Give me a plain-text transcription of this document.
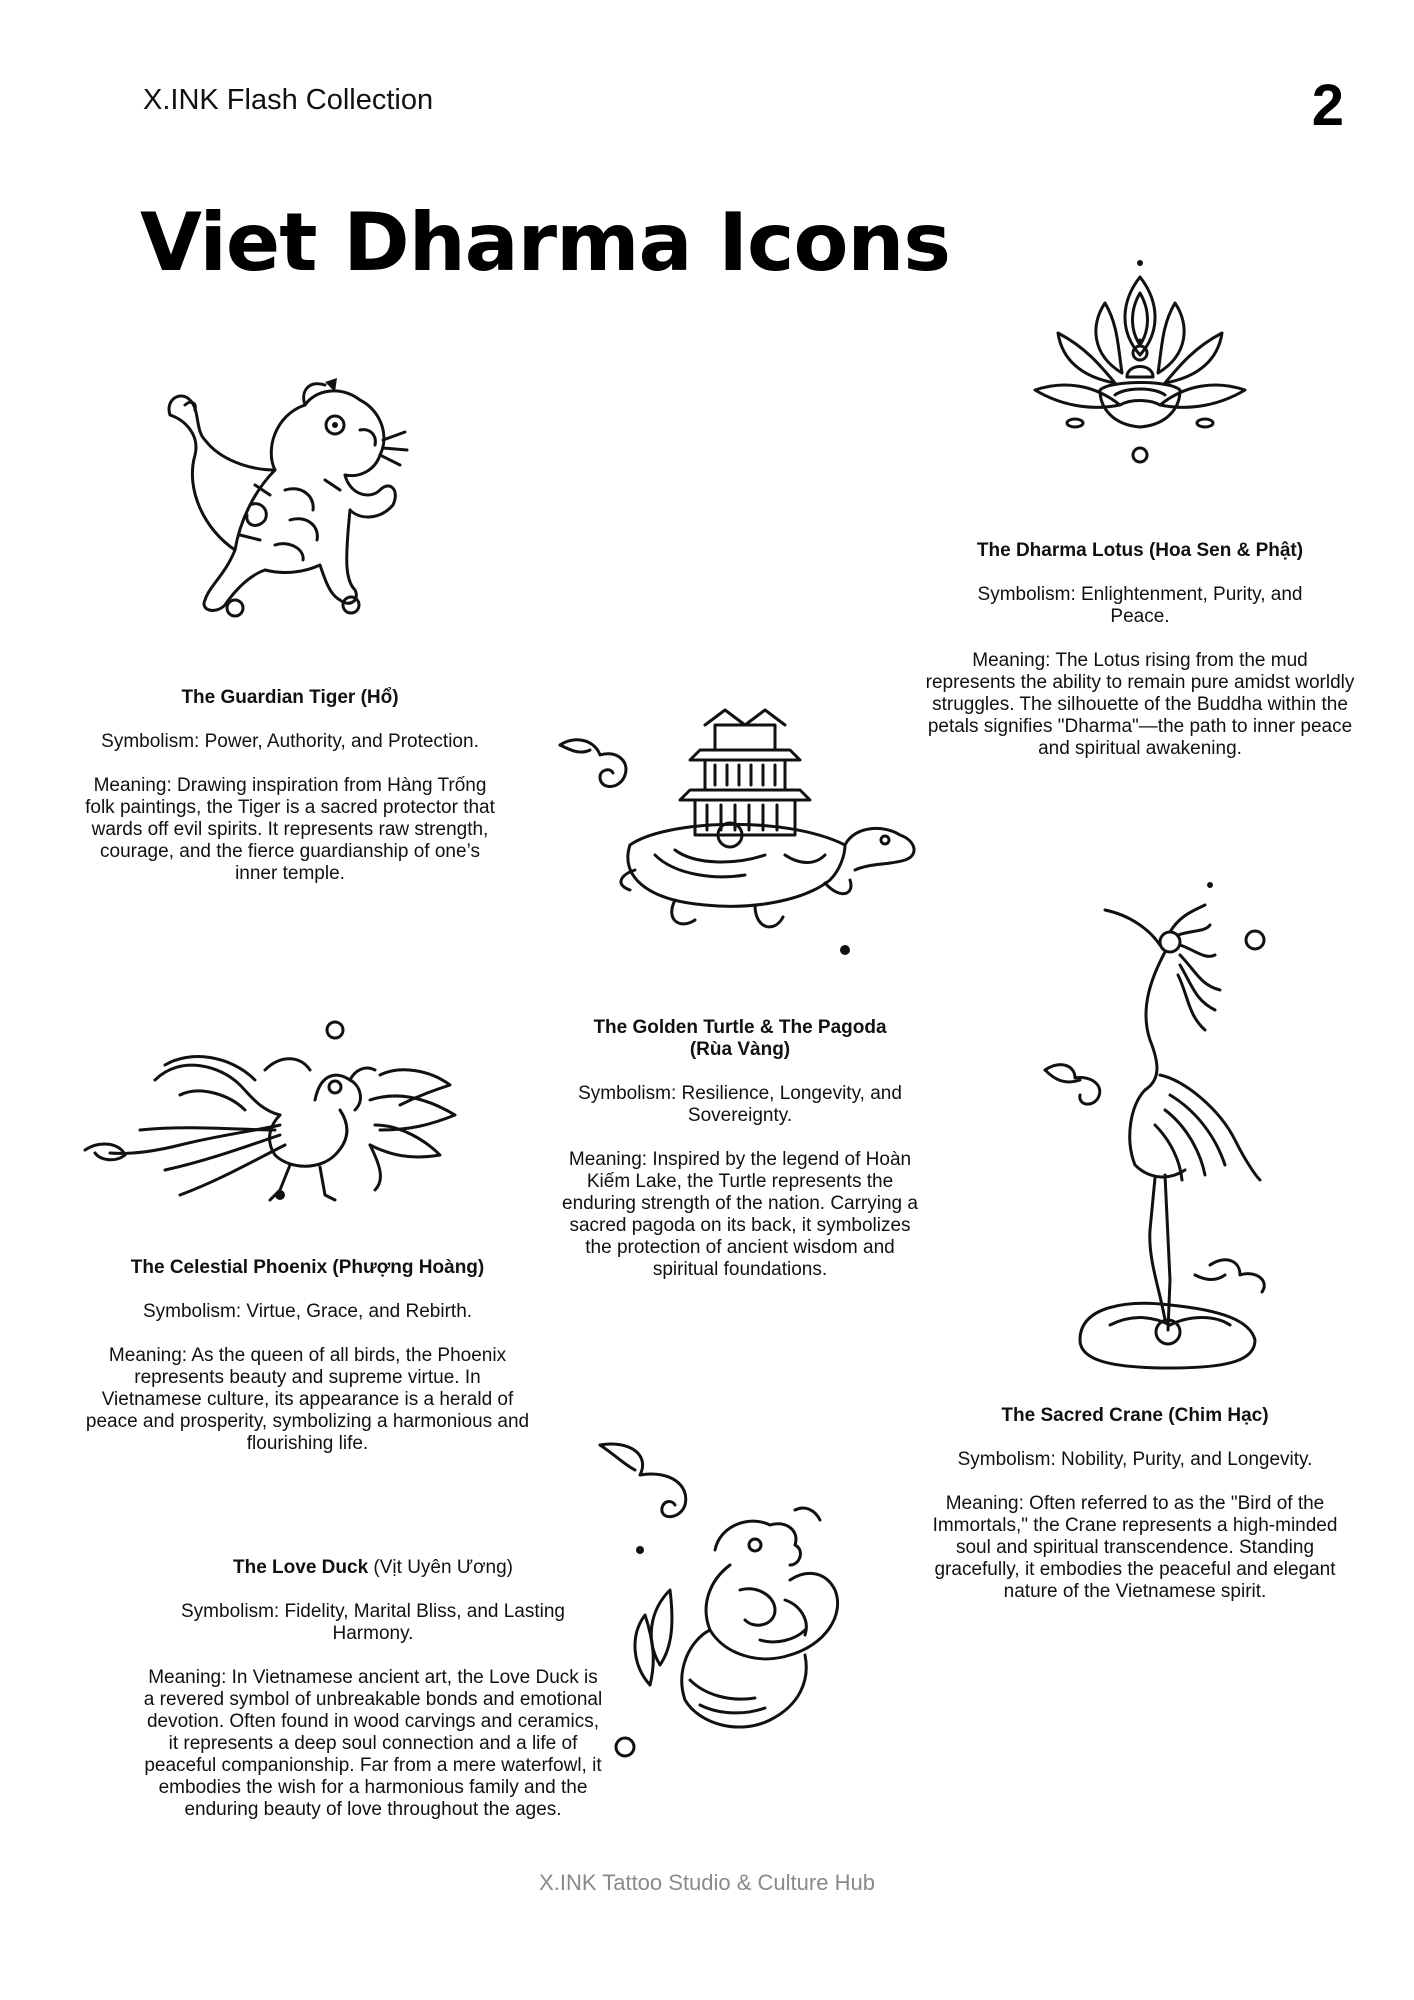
X.INK Flash Collection	2
Viet Dharma Icons

The Dharma Lotus (Hoa Sen & Phật)

Symbolism: Enlightenment, Purity, and Peace.

Meaning: The Lotus rising from the mud represents the ability to remain pure amidst worldly struggles. The silhouette of the Buddha within the petals signifies "Dharma"—the path to inner peace and spiritual awakening.

The Guardian Tiger (Hổ)

Symbolism: Power, Authority, and Protection.

Meaning: Drawing inspiration from Hàng Trống folk paintings, the Tiger is a sacred protector that wards off evil spirits. It represents raw strength, courage, and the fierce guardianship of one’s inner temple.

The Golden Turtle & The Pagoda (Rùa Vàng)

Symbolism: Resilience, Longevity, and Sovereignty.

Meaning: Inspired by the legend of Hoàn Kiếm Lake, the Turtle represents the enduring strength of the nation. Carrying a sacred pagoda on its back, it symbolizes the protection of ancient wisdom and spiritual foundations.

The Sacred Crane (Chim Hạc)

Symbolism: Nobility, Purity, and Longevity.

Meaning: Often referred to as the "Bird of the Immortals," the Crane represents a high-minded soul and spiritual transcendence. Standing gracefully, it embodies the peaceful and elegant nature of the Vietnamese spirit.

The Celestial Phoenix (Phượng Hoàng)

Symbolism: Virtue, Grace, and Rebirth.

Meaning: As the queen of all birds, the Phoenix represents beauty and supreme virtue. In Vietnamese culture, its appearance is a herald of peace and prosperity, symbolizing a harmonious and flourishing life.

The Love Duck (Vịt Uyên Ương)

Symbolism: Fidelity, Marital Bliss, and Lasting Harmony.

Meaning: In Vietnamese ancient art, the Love Duck is a revered symbol of unbreakable bonds and emotional devotion. Often found in wood carvings and ceramics, it represents a deep soul connection and a life of peaceful companionship. Far from a mere waterfowl, it embodies the wish for a harmonious family and the enduring beauty of love throughout the ages.

X.INK Tattoo Studio & Culture Hub
